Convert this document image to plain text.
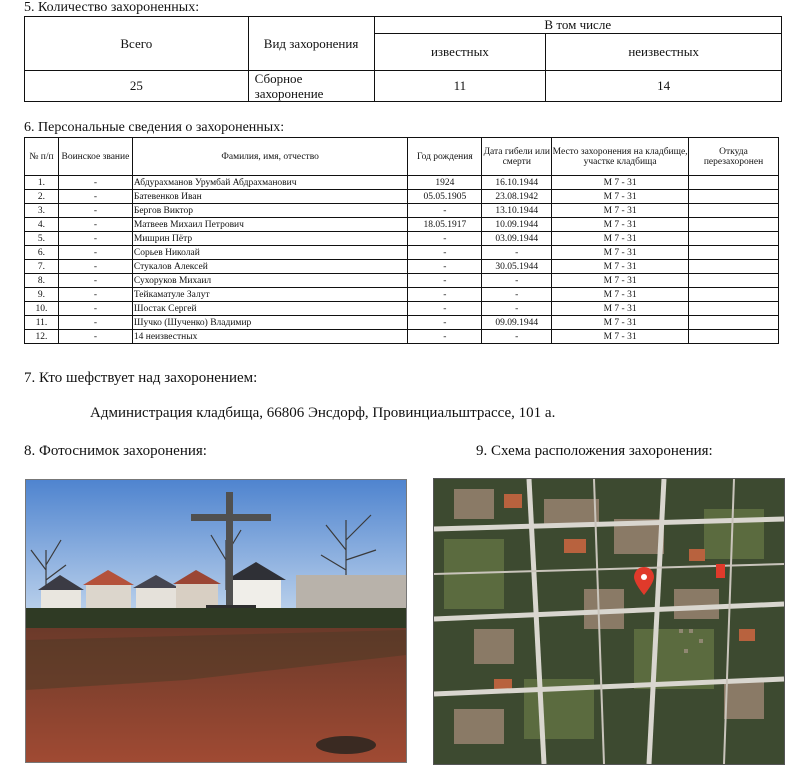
5. Количество захороненных:
Всего	Вид захоронения	В том числе	
		известных	неизвестных
25	Сборное захоронение	11	14
6. Персональные сведения о захороненных:
№ п/п	Воинское звание	Фамилия, имя, отчество	Год рождения	Дата гибели или смерти	Место захоронения на кладбище, участке кладбища	Откуда перезахоронен
1.	-	Абдурахманов Урумбай Абдрахманович	1924	16.10.1944	М 7 - 31	
2.	-	Батевенков Иван	05.05.1905	23.08.1942	М 7 - 31	
3.	-	Бергов Виктор	-	13.10.1944	М 7 - 31	
4.	-	Матвеев Михаил Петрович	18.05.1917	10.09.1944	М 7 - 31	
5.	-	Мишрин Пётр	-	03.09.1944	М 7 - 31	
6.	-	Сорьев Николай	-	-	М 7 - 31	
7.	-	Стукалов Алексей	-	30.05.1944	М 7 - 31	
8.	-	Сухоруков Михаил	-	-	М 7 - 31	
9.	-	Тейкаматуле Залут	-	-	М 7 - 31	
10.	-	Шостак Сергей	-	-	М 7 - 31	
11.	-	Шучко (Шученко) Владимир	-	09.09.1944	М 7 - 31	
12.	-	14 неизвестных	-	-	М 7 - 31	
7. Кто шефствует над захоронением:
Администрация кладбища, 66806 Энсдорф, Провинциальштрассе, 101 а.
8. Фотоснимок захоронения:	9. Схема расположения захоронения:
